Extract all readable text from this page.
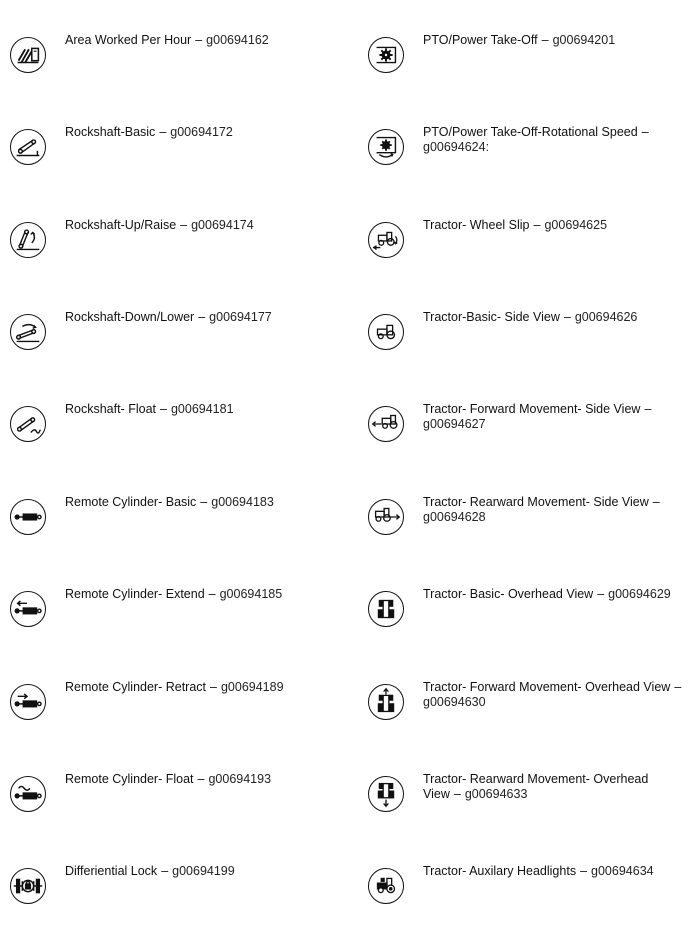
Area Worked Per Hour – g00694162
Rockshaft-Basic – g00694172
Rockshaft-Up/Raise – g00694174
Rockshaft-Down/Lower – g00694177
Rockshaft- Float – g00694181
Remote Cylinder- Basic – g00694183
Remote Cylinder- Extend – g00694185
Remote Cylinder- Retract – g00694189
Remote Cylinder- Float – g00694193
Differiential Lock – g00694199
PTO/Power Take-Off – g00694201
PTO/Power Take-Off-Rotational Speed –g00694624:
Tractor- Wheel Slip – g00694625
Tractor-Basic- Side View – g00694626
Tractor- Forward Movement- Side View –g00694627
Tractor- Rearward Movement- Side View –g00694628
Tractor- Basic- Overhead View – g00694629
Tractor- Forward Movement- Overhead View –g00694630
Tractor- Rearward Movement- Overhead View – g00694633
Tractor- Auxilary Headlights – g00694634
